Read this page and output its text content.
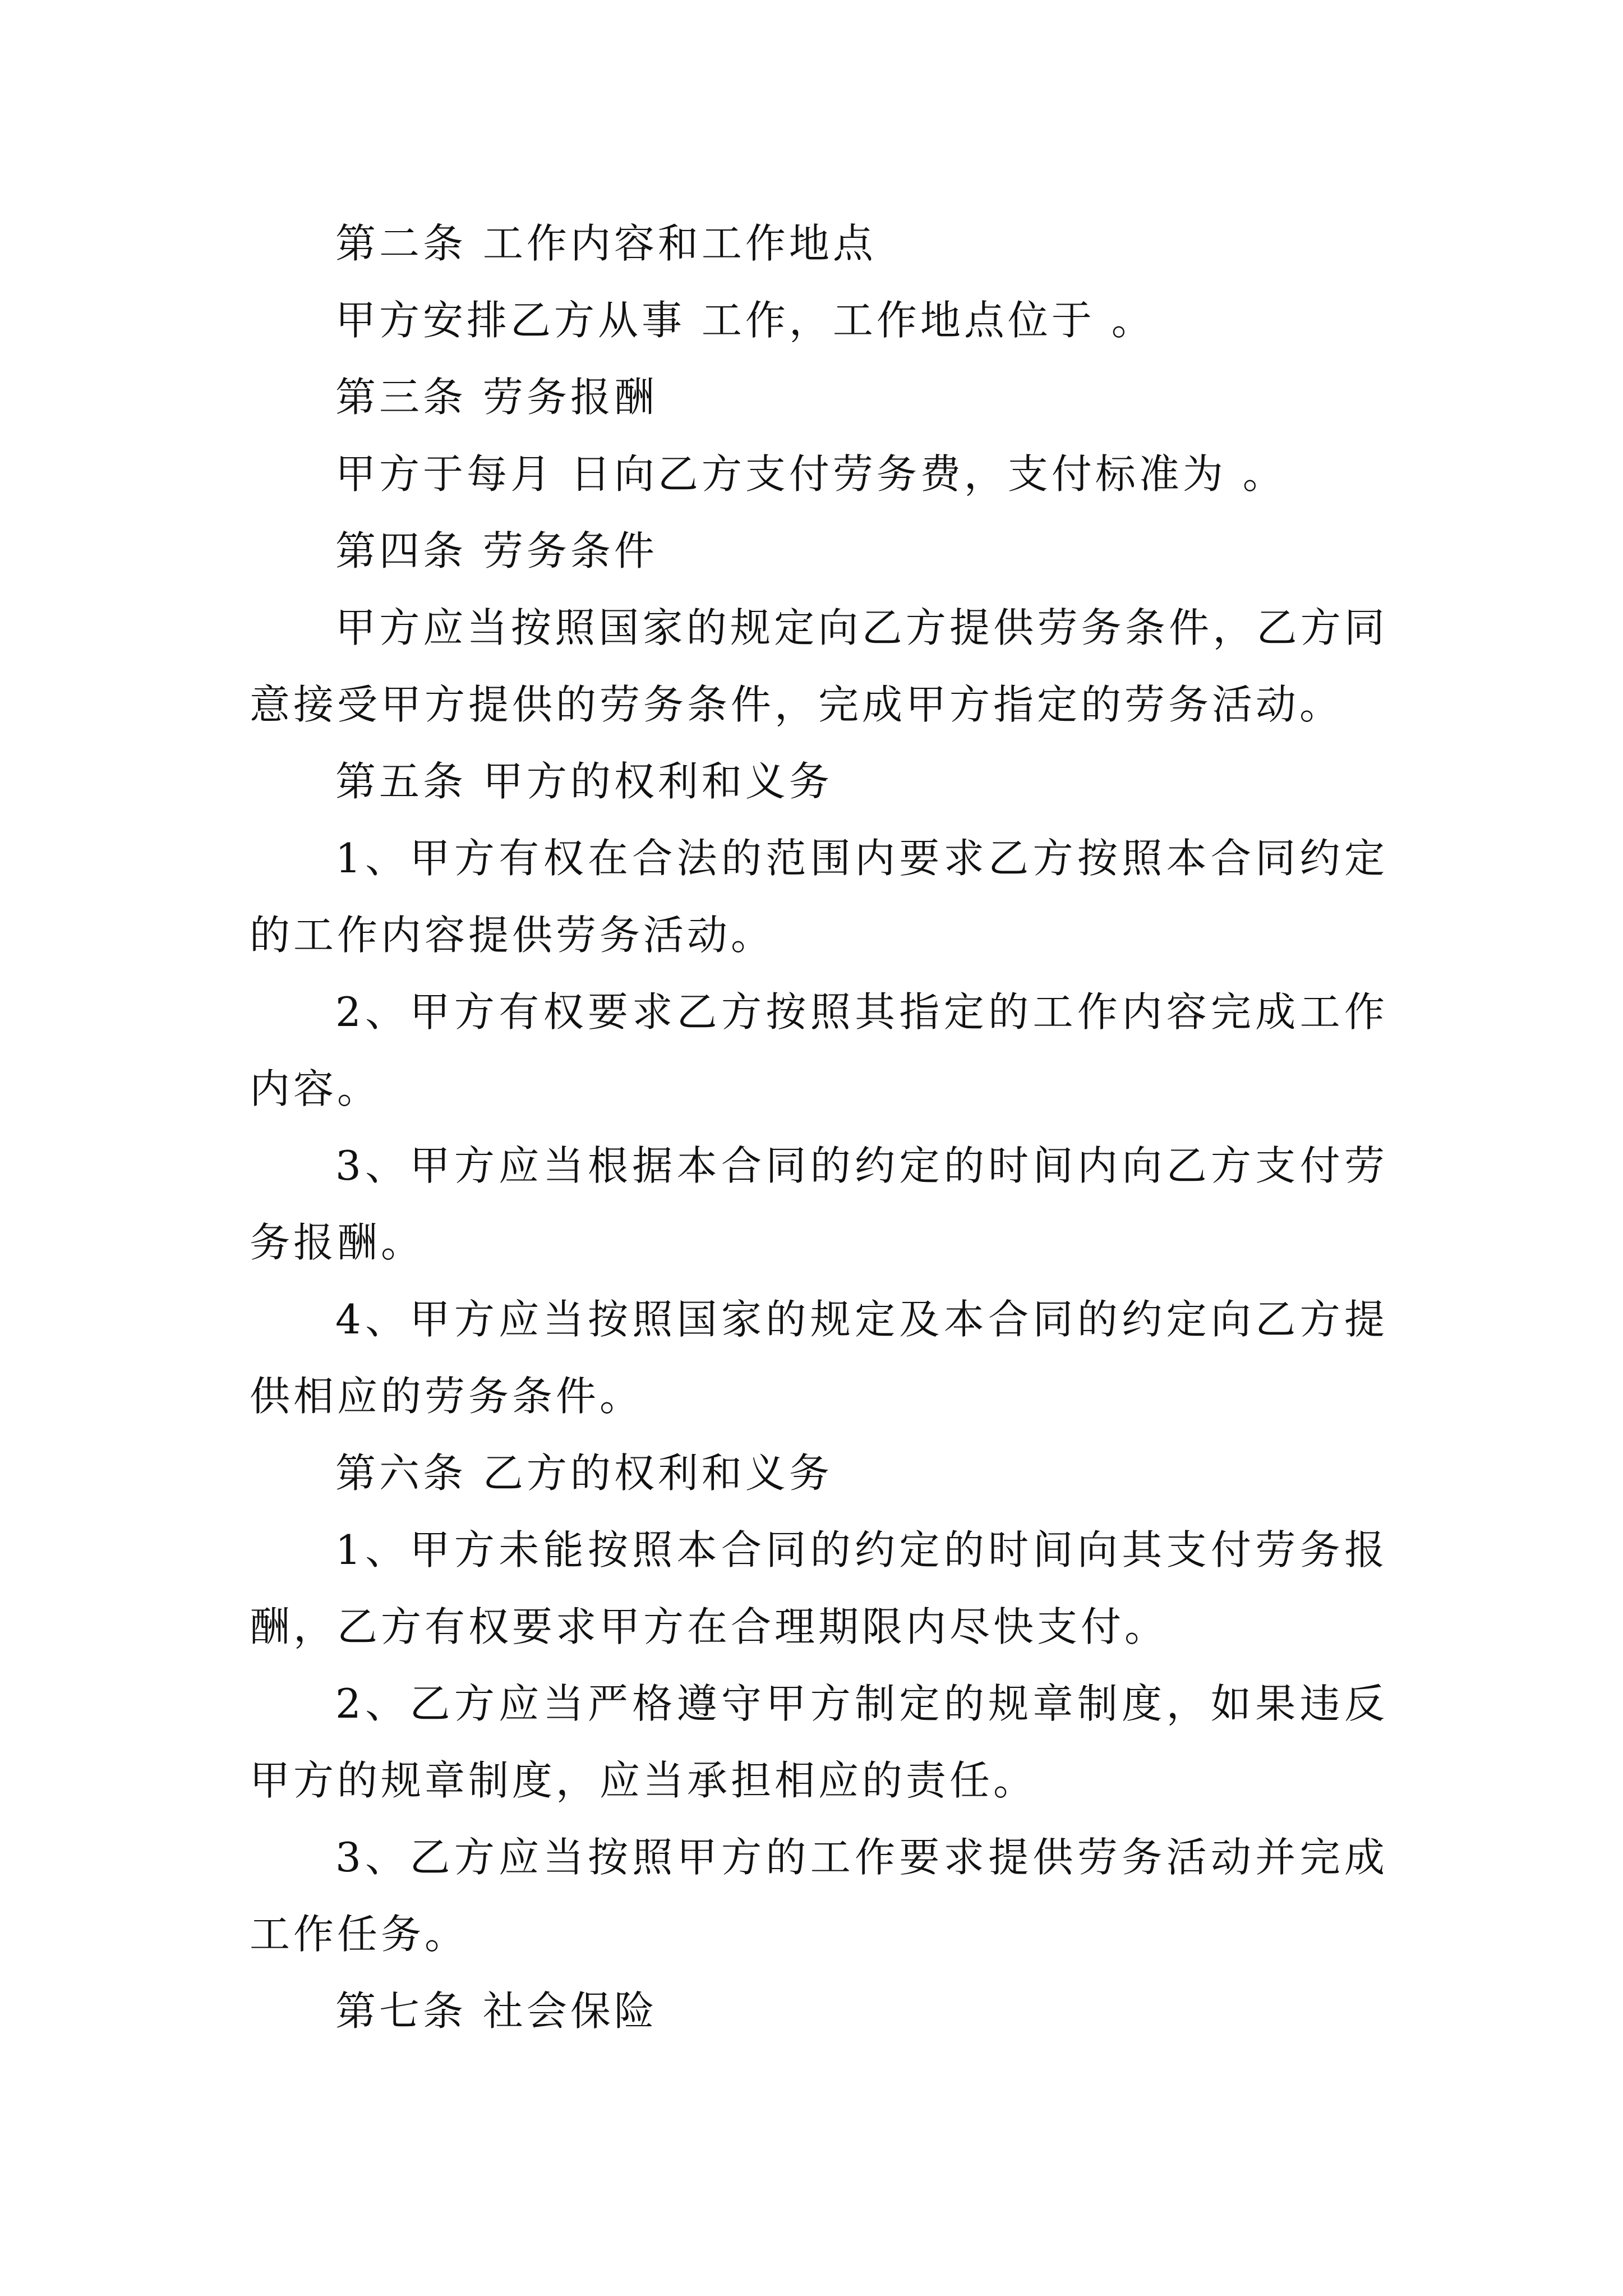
第二条 工作内容和工作地点

甲方安排乙方从事 工作，工作地点位于 。

第三条 劳务报酬

甲方于每月 日向乙方支付劳务费，支付标准为 。

第四条 劳务条件

甲方应当按照国家的规定向乙方提供劳务条件，乙方同意接受甲方提供的劳务条件，完成甲方指定的劳务活动。

第五条 甲方的权利和义务

1、甲方有权在合法的范围内要求乙方按照本合同约定的工作内容提供劳务活动。

2、甲方有权要求乙方按照其指定的工作内容完成工作内容。

3、甲方应当根据本合同的约定的时间内向乙方支付劳务报酬。

4、甲方应当按照国家的规定及本合同的约定向乙方提供相应的劳务条件。

第六条 乙方的权利和义务

1、甲方未能按照本合同的约定的时间向其支付劳务报酬，乙方有权要求甲方在合理期限内尽快支付。

2、乙方应当严格遵守甲方制定的规章制度，如果违反甲方的规章制度，应当承担相应的责任。

3、乙方应当按照甲方的工作要求提供劳务活动并完成工作任务。

第七条 社会保险
